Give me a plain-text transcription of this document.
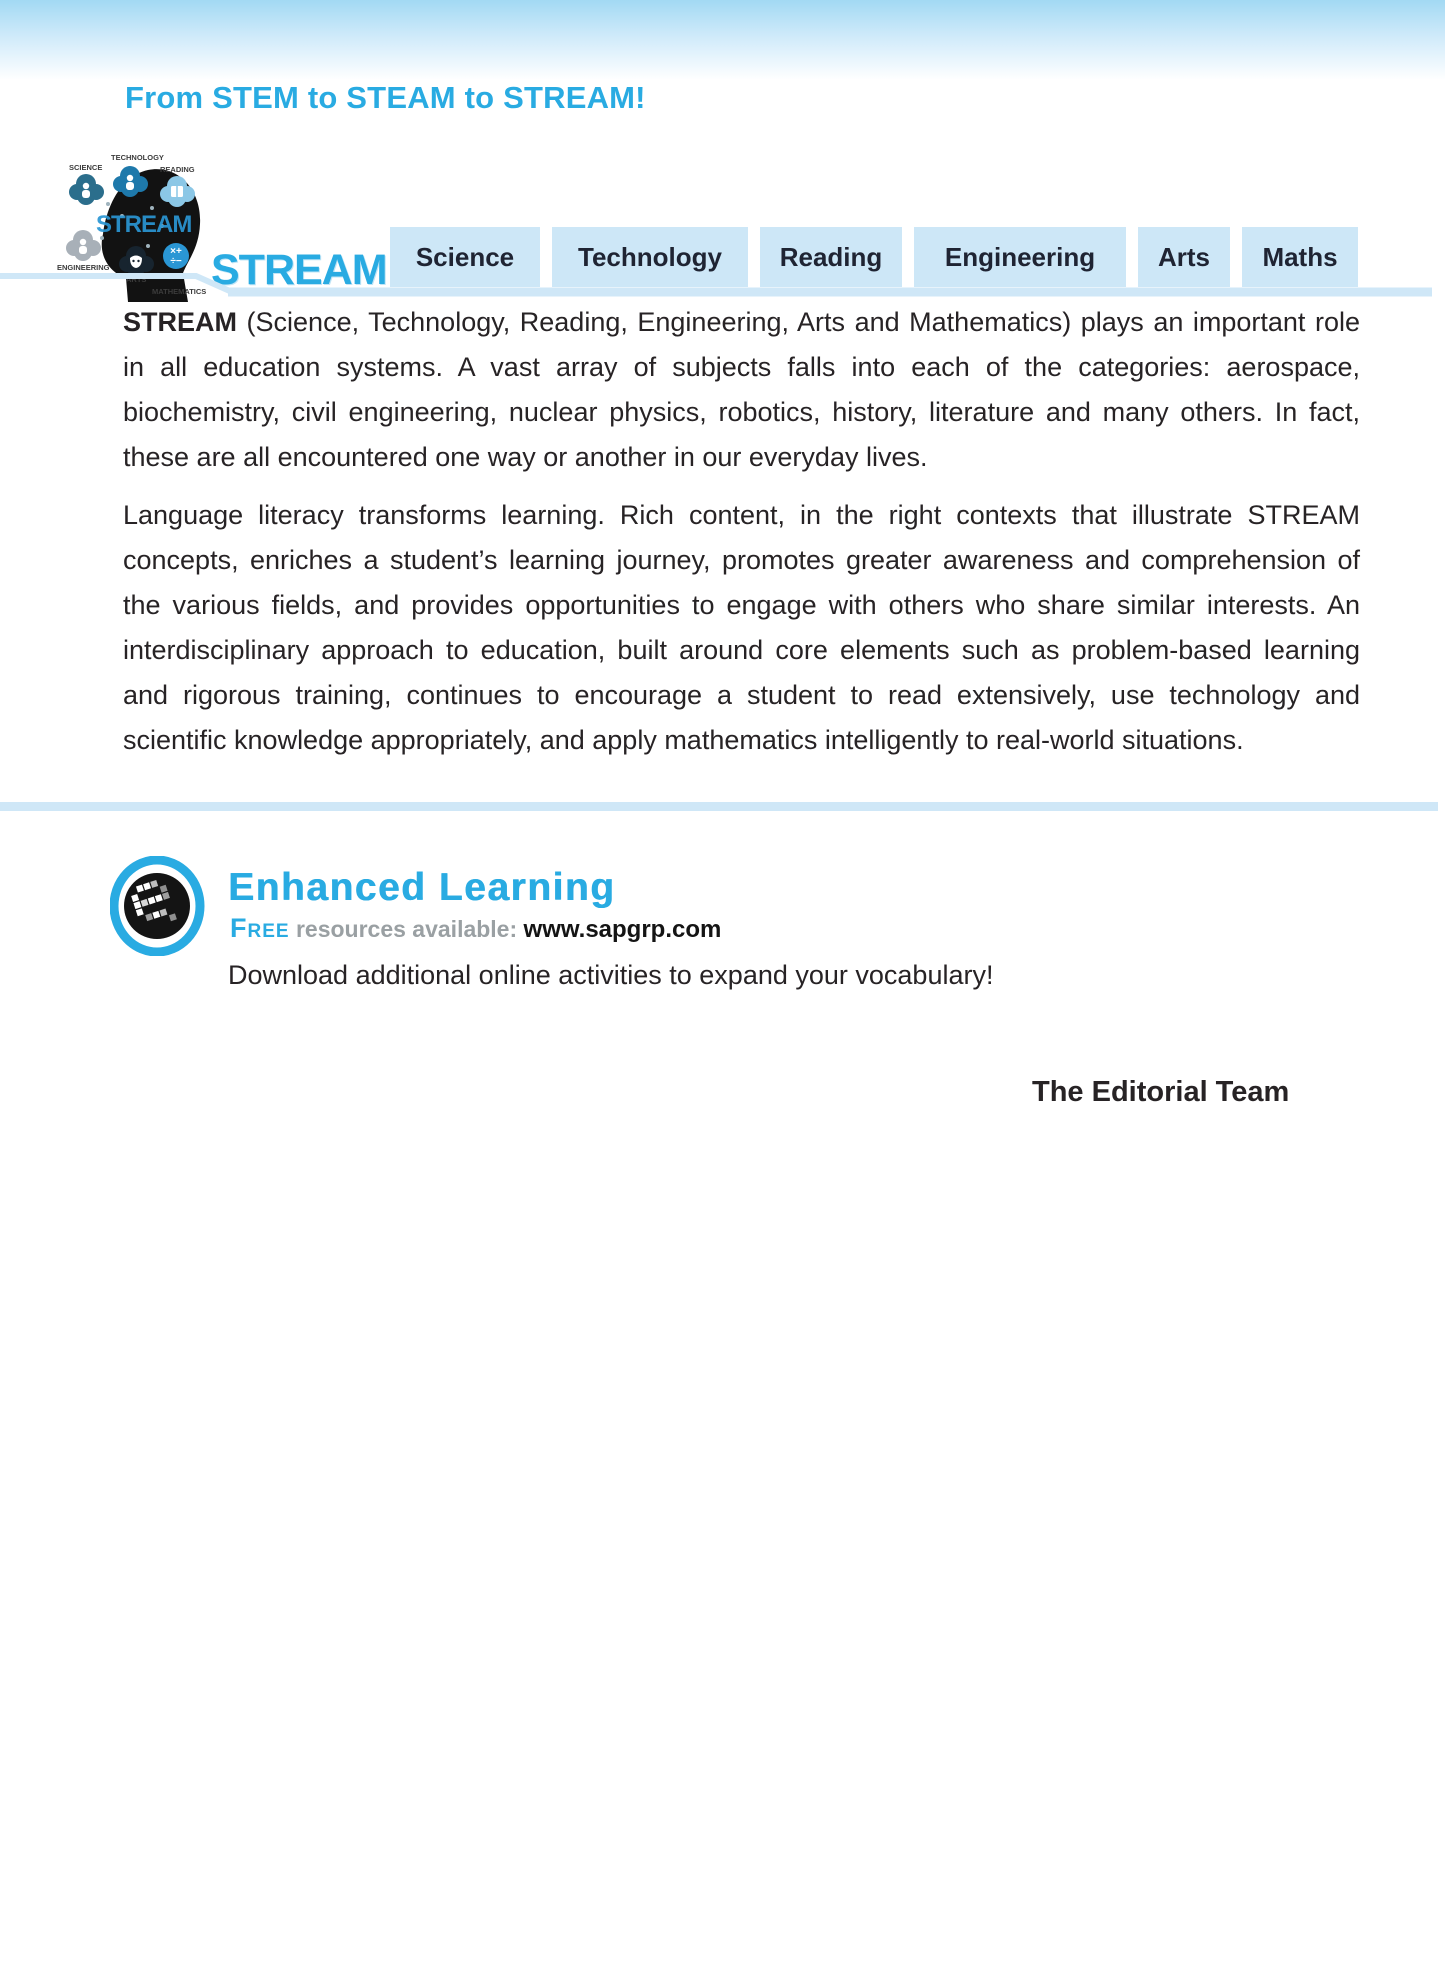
From STEM to STEAM to STREAM!
×+
÷−
SCIENCE
TECHNOLOGY
READING
ENGINEERING
ARTS
MATHEMATICS
STREAM
STREAM	Science	Technology	Reading	Engineering	Arts	Maths

STREAM (Science, Technology, Reading, Engineering, Arts and Mathematics) plays an important role in all education systems. A vast array of subjects falls into each of the categories: aerospace, biochemistry, civil engineering, nuclear physics, robotics, history, literature and many others. In fact, these are all encountered one way or another in our everyday lives.

Language literacy transforms learning. Rich content, in the right contexts that illustrate STREAM concepts, enriches a student’s learning journey, promotes greater awareness and comprehension of the various fields, and provides opportunities to engage with others who share similar interests. An interdisciplinary approach to education, built around core elements such as problem-based learning and rigorous training, continues to encourage a student to read extensively, use technology and scientific knowledge appropriately, and apply mathematics intelligently to real-world situations.

Enhanced Learning
Free resources available: www.sapgrp.com
Download additional online activities to expand your vocabulary!
The Editorial Team
